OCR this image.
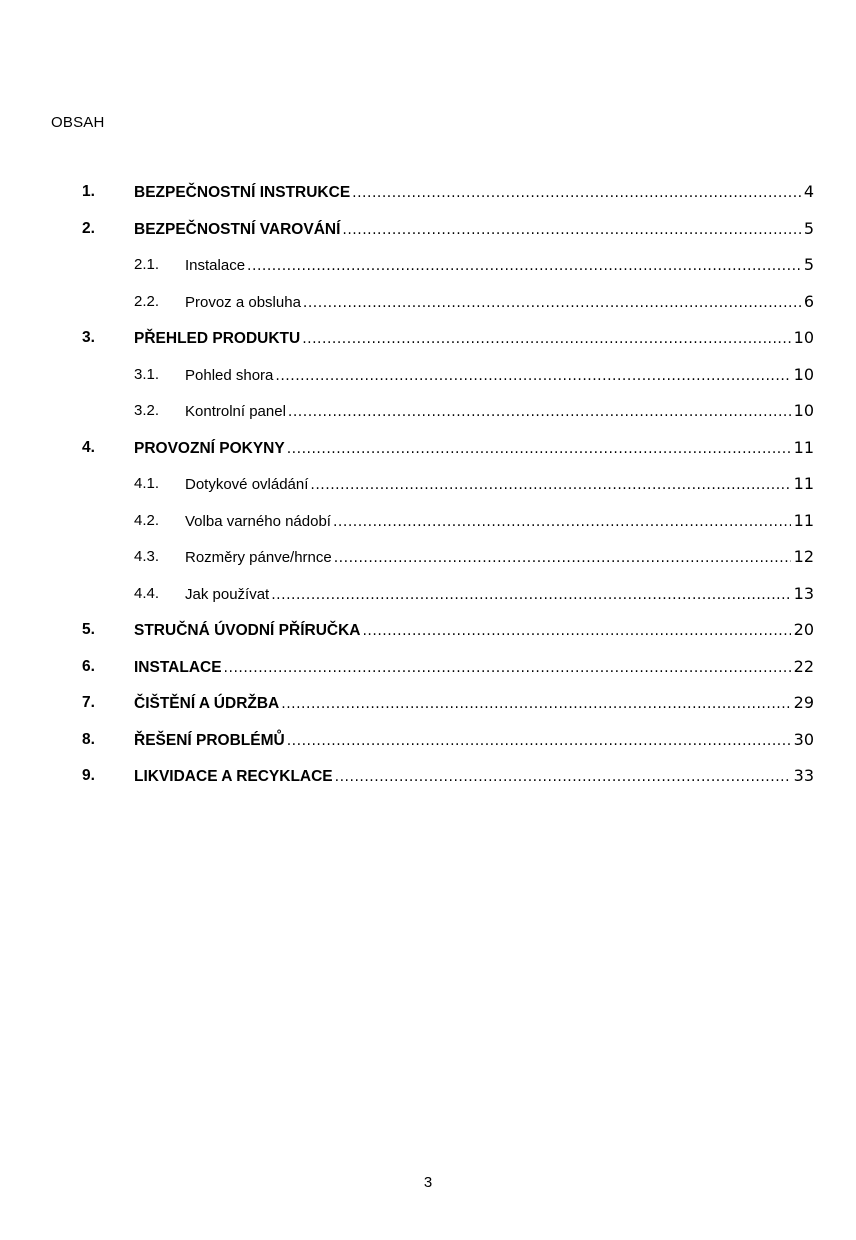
OBSAH
1.	BEZPEČNOSTNÍ INSTRUKCE .....	4
2.	BEZPEČNOSTNÍ VAROVÁNÍ .....	5
2.1. Instalace .....	5
2.2. Provoz a obsluha .....	6
3.	PŘEHLED PRODUKTU .....	10
3.1. Pohled shora .....	10
3.2. Kontrolní panel .....	10
4.	PROVOZNÍ POKYNY .....	11
4.1. Dotykové ovládání .....	11
4.2. Volba varného nádobí .....	11
4.3. Rozměry pánve/hrnce .....	12
4.4. Jak používat .....	13
5.	STRUČNÁ ÚVODNÍ PŘÍRUČKA .....	20
6.	INSTALACE .....	22
7.	ČIŠTĚNÍ A ÚDRŽBA .....	29
8.	ŘEŠENÍ PROBLÉMŮ .....	30
9.	LIKVIDACE A RECYKLACE .....	33
3
